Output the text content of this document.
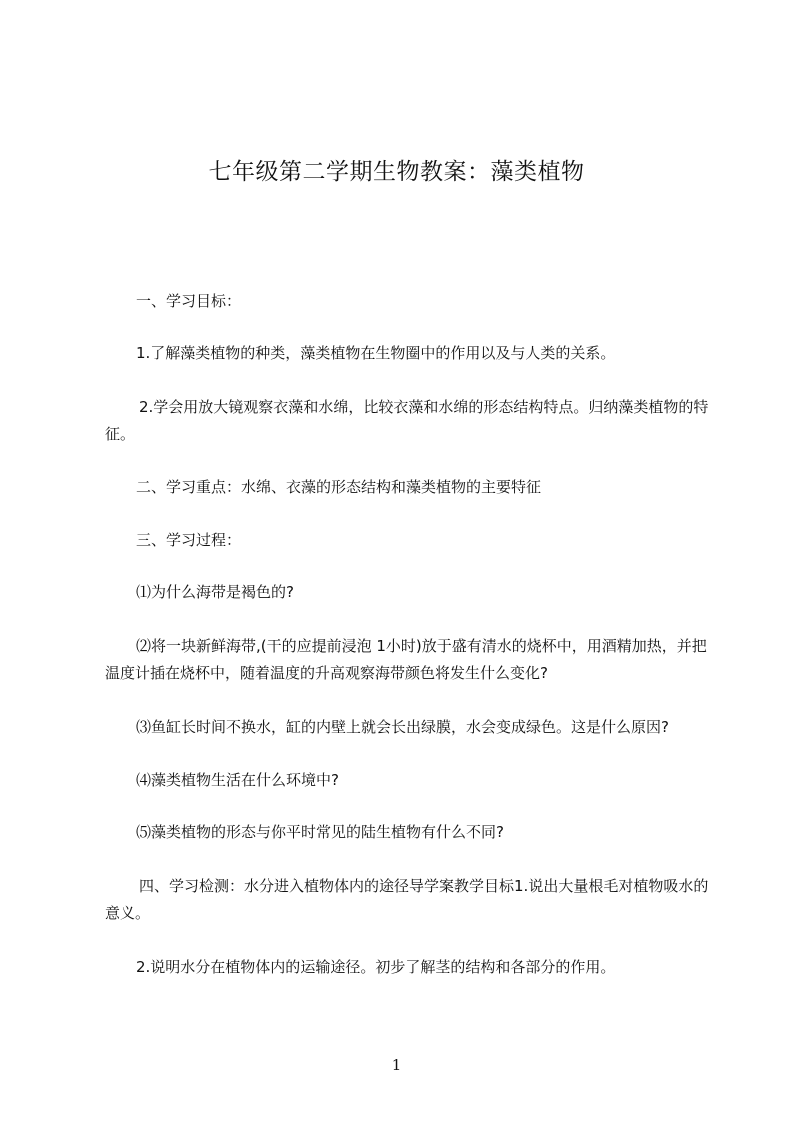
七年级第二学期生物教案：藻类植物

一、学习目标：

1.了解藻类植物的种类，藻类植物在生物圈中的作用以及与人类的关系。

2.学会用放大镜观察衣藻和水绵，比较衣藻和水绵的形态结构特点。归纳藻类植物的特征。

二、学习重点：水绵、衣藻的形态结构和藻类植物的主要特征

三、学习过程：

⑴为什么海带是褐色的?

⑵将一块新鲜海带,(干的应提前浸泡 1小时)放于盛有清水的烧杯中，用酒精加热，并把温度计插在烧杯中，随着温度的升高观察海带颜色将发生什么变化?

⑶鱼缸长时间不换水，缸的内壁上就会长出绿膜，水会变成绿色。这是什么原因?

⑷藻类植物生活在什么环境中?

⑸藻类植物的形态与你平时常见的陆生植物有什么不同?

四、学习检测：水分进入植物体内的途径导学案教学目标1.说出大量根毛对植物吸水的意义。

2.说明水分在植物体内的运输途径。初步了解茎的结构和各部分的作用。

1
